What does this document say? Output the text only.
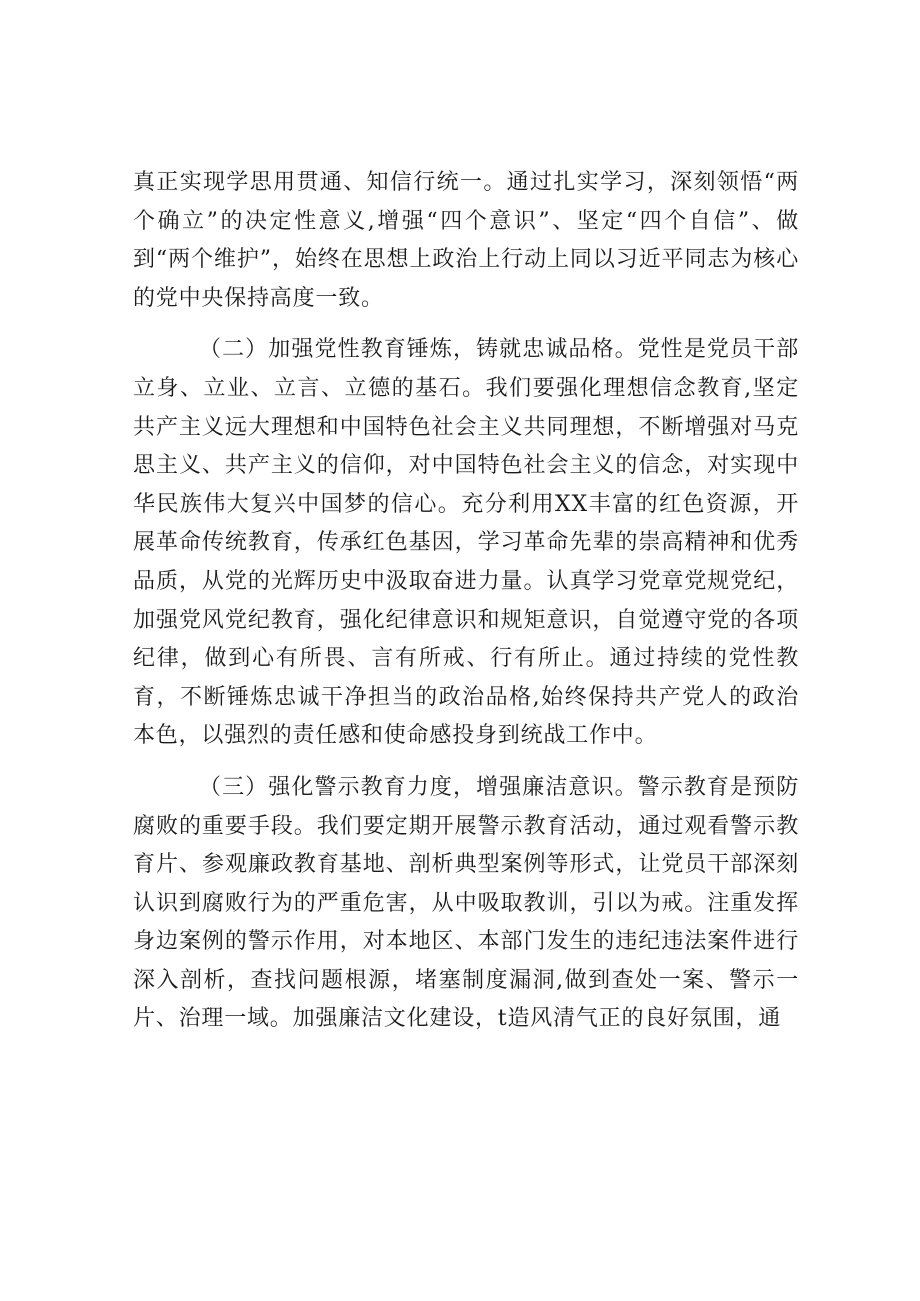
真正实现学思用贯通、知信行统一。通过扎实学习，深刻领悟“两个确立”的决定性意义,增强“四个意识”、坚定“四个自信”、做到“两个维护”，始终在思想上政治上行动上同以习近平同志为核心的党中央保持高度一致。

（二）加强党性教育锤炼，铸就忠诚品格。党性是党员干部立身、立业、立言、立德的基石。我们要强化理想信念教育,坚定共产主义远大理想和中国特色社会主义共同理想，不断增强对马克思主义、共产主义的信仰，对中国特色社会主义的信念，对实现中华民族伟大复兴中国梦的信心。充分利用XX丰富的红色资源，开展革命传统教育，传承红色基因，学习革命先辈的崇高精神和优秀品质，从党的光辉历史中汲取奋进力量。认真学习党章党规党纪，加强党风党纪教育，强化纪律意识和规矩意识，自觉遵守党的各项纪律，做到心有所畏、言有所戒、行有所止。通过持续的党性教育，不断锤炼忠诚干净担当的政治品格,始终保持共产党人的政治本色，以强烈的责任感和使命感投身到统战工作中。

（三）强化警示教育力度，增强廉洁意识。警示教育是预防腐败的重要手段。我们要定期开展警示教育活动，通过观看警示教育片、参观廉政教育基地、剖析典型案例等形式，让党员干部深刻认识到腐败行为的严重危害，从中吸取教训，引以为戒。注重发挥身边案例的警示作用，对本地区、本部门发生的违纪违法案件进行深入剖析，查找问题根源，堵塞制度漏洞,做到查处一案、警示一片、治理一域。加强廉洁文化建设，t造风清气正的良好氛围，通
